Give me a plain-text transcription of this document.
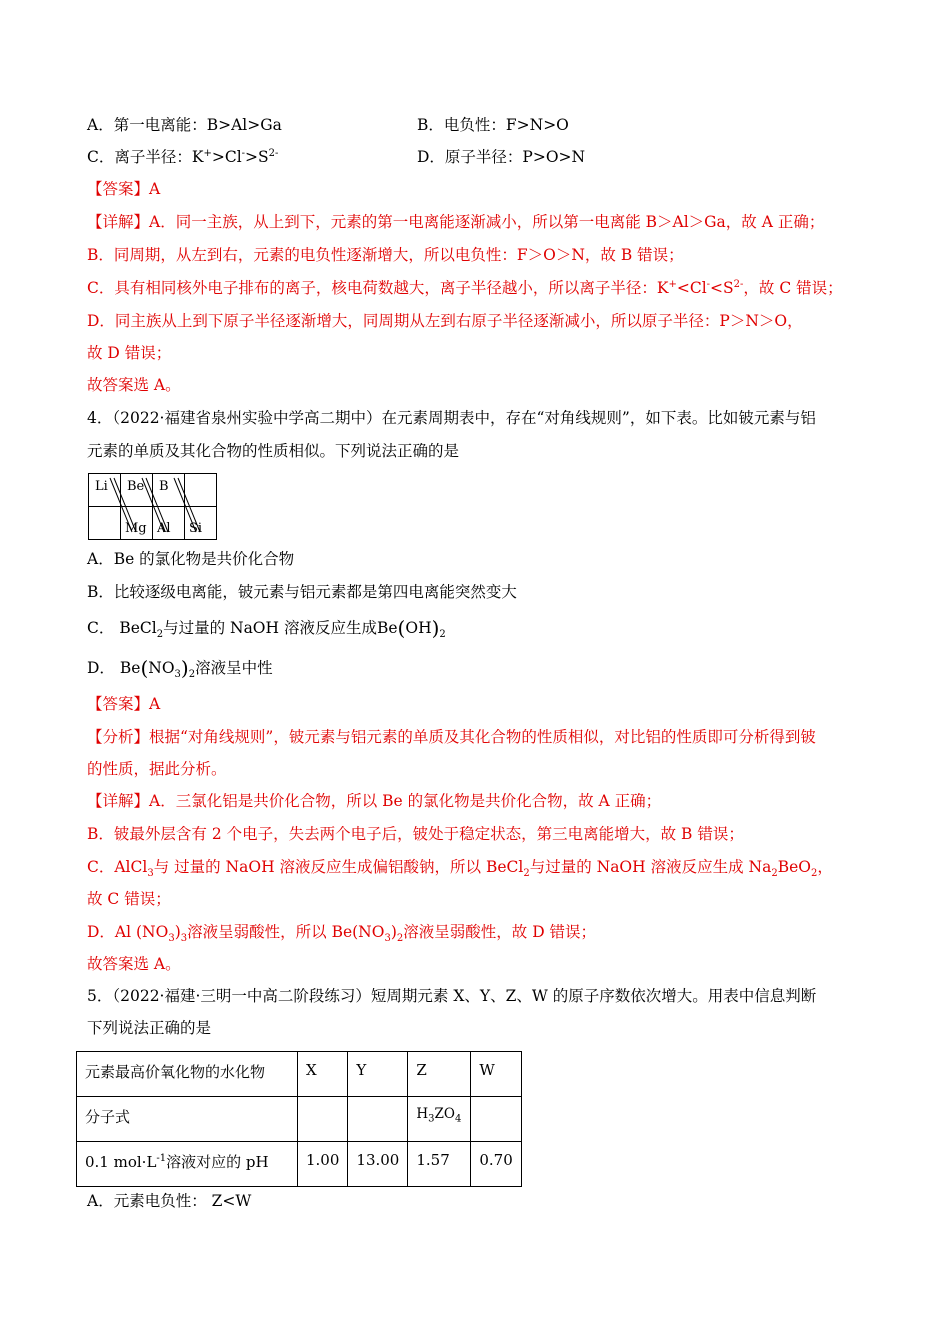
A．第一电离能：B>Al>Ga	B．电负性：F>N>O
C．离子半径：$K^+>Cl^->S^{2-}$	D．原子半径：P>O>N
【答案】A
【详解】A．同一主族，从上到下，元素的第一电离能逐渐减小，所以第一电离能 B＞Al＞Ga，故 A 正确；
B．同周期，从左到右，元素的电负性逐渐增大，所以电负性：F＞O＞N，故 B 错误；
C．具有相同核外电子排布的离子，核电荷数越大，离子半径越小，所以离子半径：$K^+<Cl^-<S^{2-}$，故 C 错误；
D．同主族从上到下原子半径逐渐增大，同周期从左到右原子半径逐渐减小，所以原子半径：P＞N＞O，
故 D 错误；
故答案选 A。
4．（2022·福建省泉州实验中学高二期中）在元素周期表中，存在“对角线规则”，如下表。比如铍元素与铝
元素的单质及其化合物的性质相似。下列说法正确的是
Li	Be	B	

	Mg	Al	Si
A．Be 的氯化物是共价化合物
B．比较逐级电离能，铍元素与铝元素都是第四电离能突然变大
C． BeCl$_2$与过量的 NaOH 溶液反应生成$Be(OH)_2$
D． $Be(NO_3)_2$溶液呈中性
【答案】A
【分析】根据“对角线规则”，铍元素与铝元素的单质及其化合物的性质相似，对比铝的性质即可分析得到铍
的性质，据此分析。
【详解】A．三氯化铝是共价化合物，所以 Be 的氯化物是共价化合物，故 A 正确；
B．铍最外层含有 2 个电子，失去两个电子后，铍处于稳定状态，第三电离能增大，故 B 错误；
C．AlCl$_3$与 过量的 NaOH 溶液反应生成偏铝酸钠，所以 BeCl$_2$与过量的 NaOH 溶液反应生成 $Na_2BeO_2$，
故 C 错误；
D．Al $(NO_3)_3$溶液呈弱酸性，所以 $Be(NO_3)_2$溶液呈弱酸性，故 D 错误；
故答案选 A。
5．（2022·福建·三明一中高二阶段练习）短周期元素 X、Y、Z、W 的原子序数依次增大。用表中信息判断
下列说法正确的是
元素最高价氧化物的水化物	X	Y	Z	W
分子式			$H_3ZO_4$	
0.1 $mol\cdot L^{-1}$溶液对应的 pH	1.00	13.00	1.57	0.70
A．元素电负性： Z<W
